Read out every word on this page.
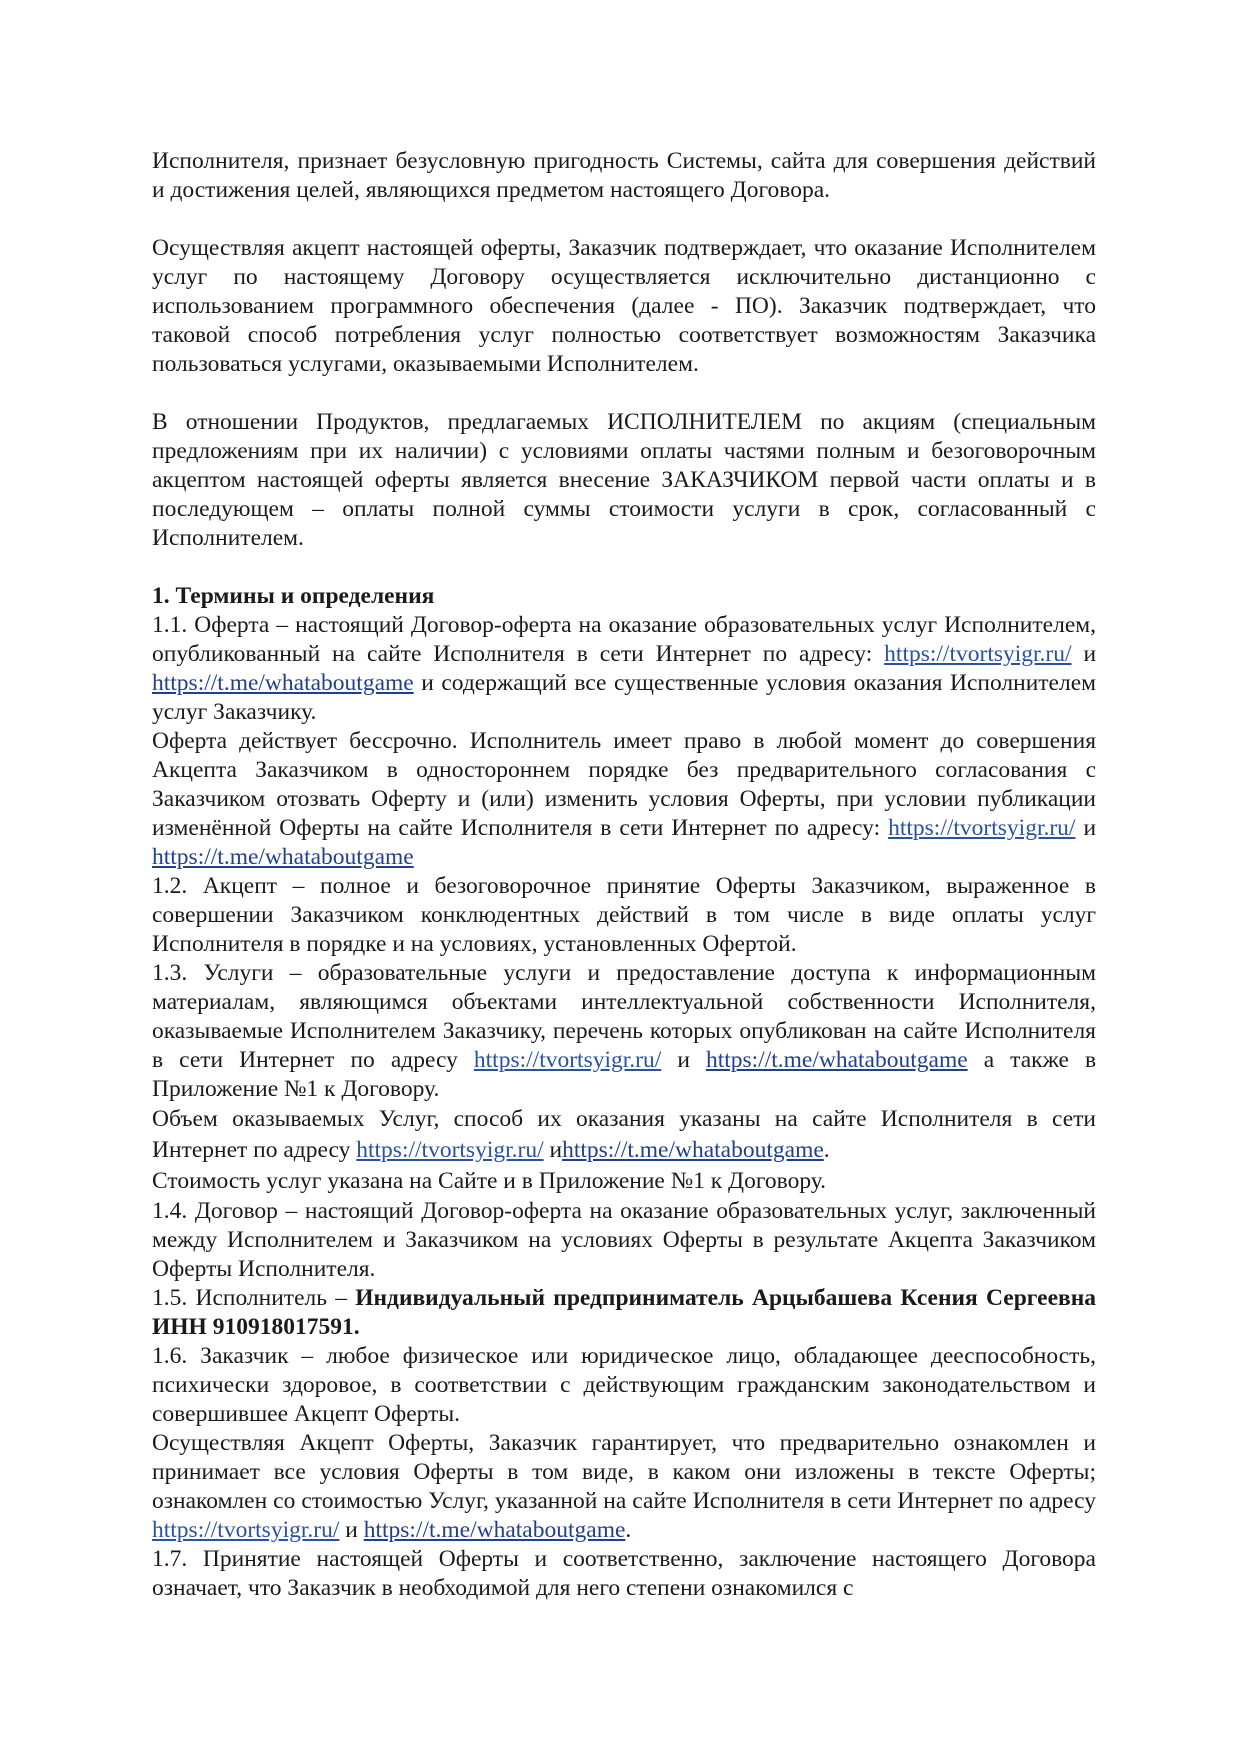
Исполнителя, признает безусловную пригодность Системы, сайта для совершения действий и достижения целей, являющихся предметом настоящего Договора.

Осуществляя акцепт настоящей оферты, Заказчик подтверждает, что оказание Исполнителем услуг по настоящему Договору осуществляется исключительно дистанционно с использованием программного обеспечения (далее - ПО). Заказчик подтверждает, что таковой способ потребления услуг полностью соответствует возможностям Заказчика пользоваться услугами, оказываемыми Исполнителем.

В отношении Продуктов, предлагаемых ИСПОЛНИТЕЛЕМ по акциям (специальным предложениям при их наличии) с условиями оплаты частями полным и безоговорочным акцептом настоящей оферты является внесение ЗАКАЗЧИКОМ первой части оплаты и в последующем – оплаты полной суммы стоимости услуги в срок, согласованный с Исполнителем.

1. Термины и определения

1.1. Оферта – настоящий Договор-оферта на оказание образовательных услуг Исполнителем, опубликованный на сайте Исполнителя в сети Интернет по адресу: https://tvortsyigr.ru/ и https://t.me/whataboutgame и содержащий все существенные условия оказания Исполнителем услуг Заказчику.

Оферта действует бессрочно. Исполнитель имеет право в любой момент до совершения Акцепта Заказчиком в одностороннем порядке без предварительного согласования с Заказчиком отозвать Оферту и (или) изменить условия Оферты, при условии публикации изменённой Оферты на сайте Исполнителя в сети Интернет по адресу: https://tvortsyigr.ru/ и https://t.me/whataboutgame

1.2. Акцепт – полное и безоговорочное принятие Оферты Заказчиком, выраженное в совершении Заказчиком конклюдентных действий в том числе в виде оплаты услуг Исполнителя в порядке и на условиях, установленных Офертой.

1.3. Услуги – образовательные услуги и предоставление доступа к информационным материалам, являющимся объектами интеллектуальной собственности Исполнителя, оказываемые Исполнителем Заказчику, перечень которых опубликован на сайте Исполнителя в сети Интернет по адресу https://tvortsyigr.ru/ и https://t.me/whataboutgame а также в Приложение №1 к Договору.

Объем оказываемых Услуг, способ их оказания указаны на сайте Исполнителя в сети Интернет по адресу https://tvortsyigr.ru/ иhttps://t.me/whataboutgame.

Стоимость услуг указана на Сайте и в Приложение №1 к Договору.

1.4. Договор – настоящий Договор-оферта на оказание образовательных услуг, заключенный между Исполнителем и Заказчиком на условиях Оферты в результате Акцепта Заказчиком Оферты Исполнителя.

1.5. Исполнитель – Индивидуальный предприниматель Арцыбашева Ксения Сергеевна ИНН 910918017591.

1.6. Заказчик – любое физическое или юридическое лицо, обладающее дееспособность, психически здоровое, в соответствии с действующим гражданским законодательством и совершившее Акцепт Оферты.

Осуществляя Акцепт Оферты, Заказчик гарантирует, что предварительно ознакомлен и принимает все условия Оферты в том виде, в каком они изложены в тексте Оферты; ознакомлен со стоимостью Услуг, указанной на сайте Исполнителя в сети Интернет по адресу https://tvortsyigr.ru/ и https://t.me/whataboutgame.

1.7. Принятие настоящей Оферты и соответственно, заключение настоящего Договора означает, что Заказчик в необходимой для него степени ознакомился с
